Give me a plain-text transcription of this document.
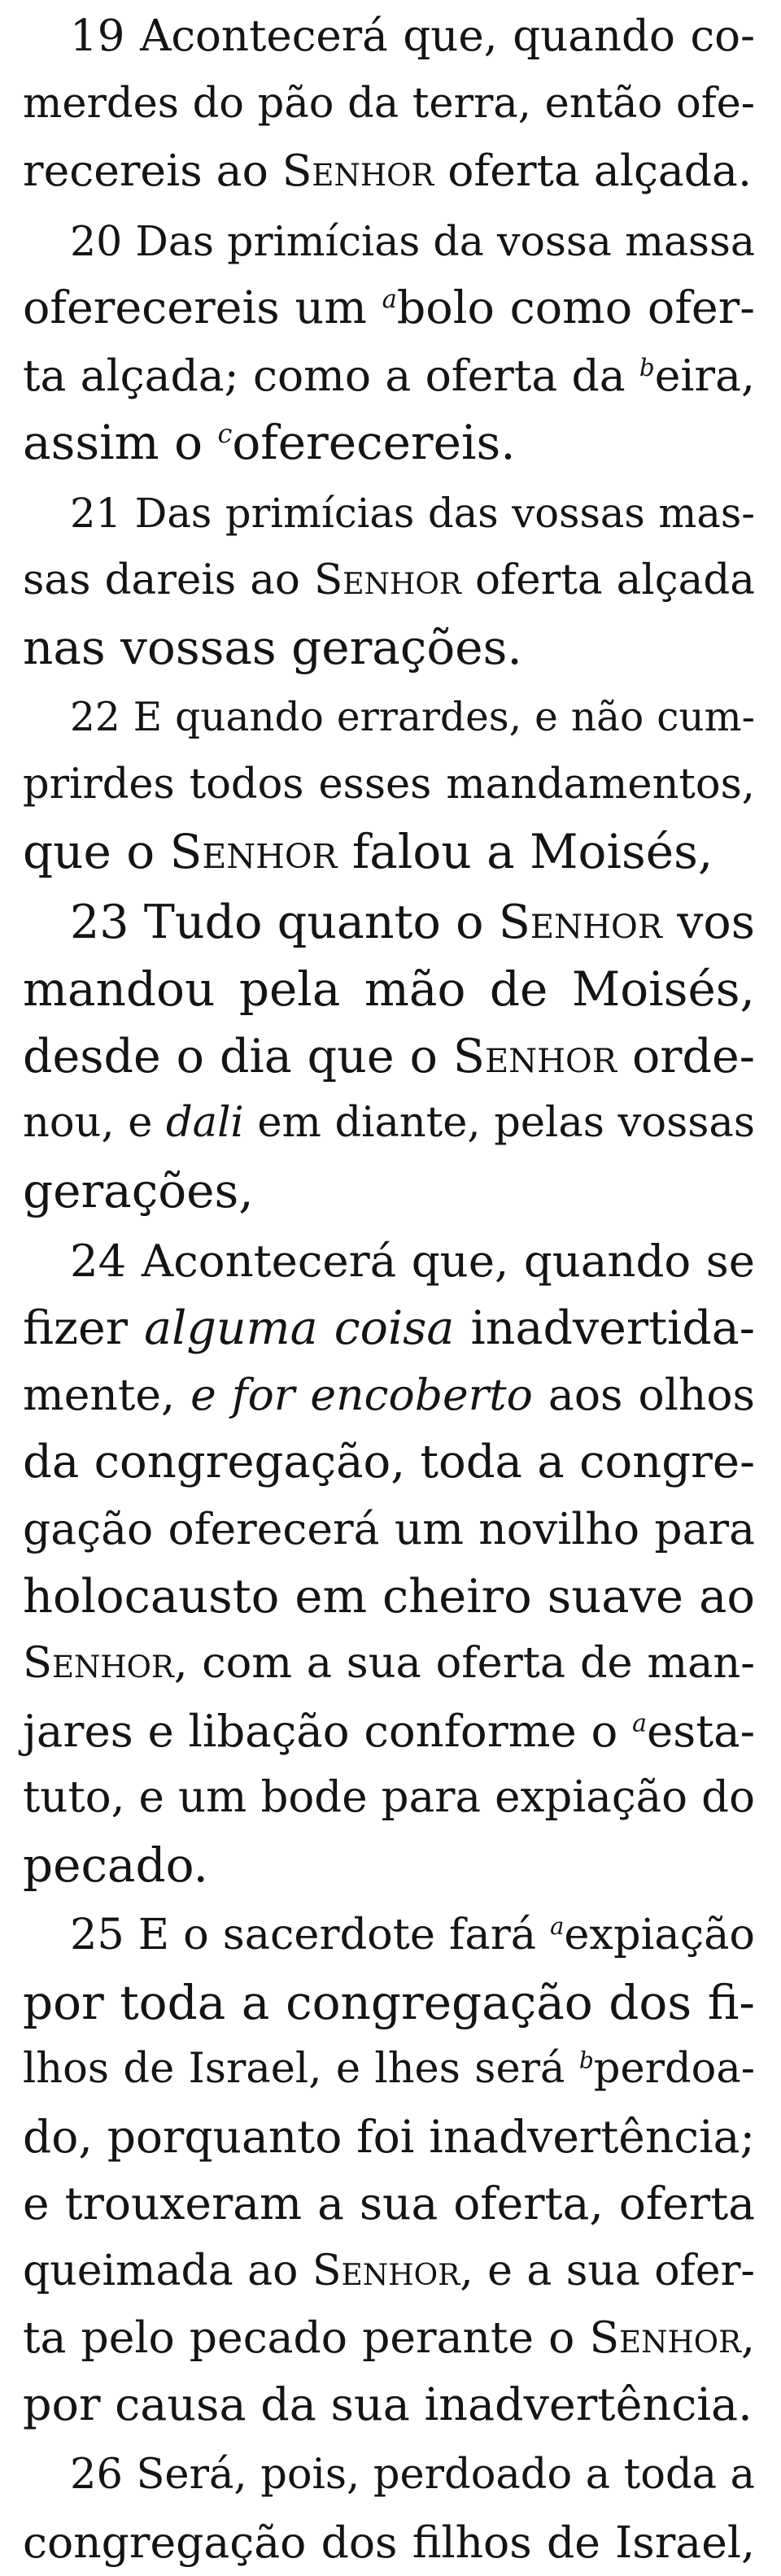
19 Acontecerá que, quando co-
merdes do pão da terra, então ofe-
recereis ao Senhor oferta alçada.
20 Das primícias da vossa massa
oferecereis um $^a$bolo como ofer-
ta alçada; como a oferta da $^b$eira,
assim o $^c$oferecereis.
21 Das primícias das vossas mas-
sas dareis ao Senhor oferta alçada
nas vossas gerações.
22 E quando errardes, e não cum-
prirdes todos esses mandamentos,
que o Senhor falou a Moisés,
23 Tudo quanto o Senhor vos
mandou pela mão de Moisés,
desde o dia que o Senhor orde-
nou, e dali em diante, pelas vossas
gerações,
24 Acontecerá que, quando se
fizer alguma coisa inadvertida-
mente, e for encoberto aos olhos
da congregação, toda a congre-
gação oferecerá um novilho para
holocausto em cheiro suave ao
Senhor, com a sua oferta de man-
jares e libação conforme o $^a$esta-
tuto, e um bode para expiação do
pecado.
25 E o sacerdote fará $^a$expiação
por toda a congregação dos fi-
lhos de Israel, e lhes será $^b$perdoa-
do, porquanto foi inadvertência;
e trouxeram a sua oferta, oferta
queimada ao Senhor, e a sua ofer-
ta pelo pecado perante o Senhor,
por causa da sua inadvertência.
26 Será, pois, perdoado a toda a
congregação dos filhos de Israel,
